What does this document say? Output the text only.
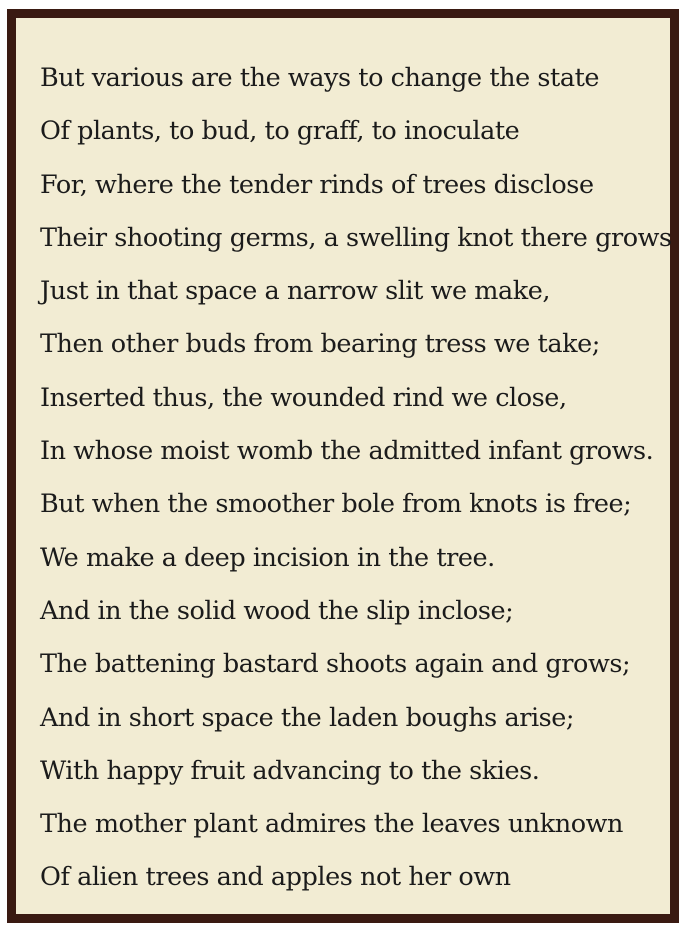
But various are the ways to change the state
Of plants, to bud, to graff, to inoculate
For, where the tender rinds of trees disclose
Their shooting germs, a swelling knot there grows
Just in that space a narrow slit we make,
Then other buds from bearing tress we take;
Inserted thus, the wounded rind we close,
In whose moist womb the admitted infant grows.
But when the smoother bole from knots is free;
We make a deep incision in the tree.
And in the solid wood the slip inclose;
The battening bastard shoots again and grows;
And in short space the laden boughs arise;
With happy fruit advancing to the skies.
The mother plant admires the leaves unknown
Of alien trees and apples not her own
